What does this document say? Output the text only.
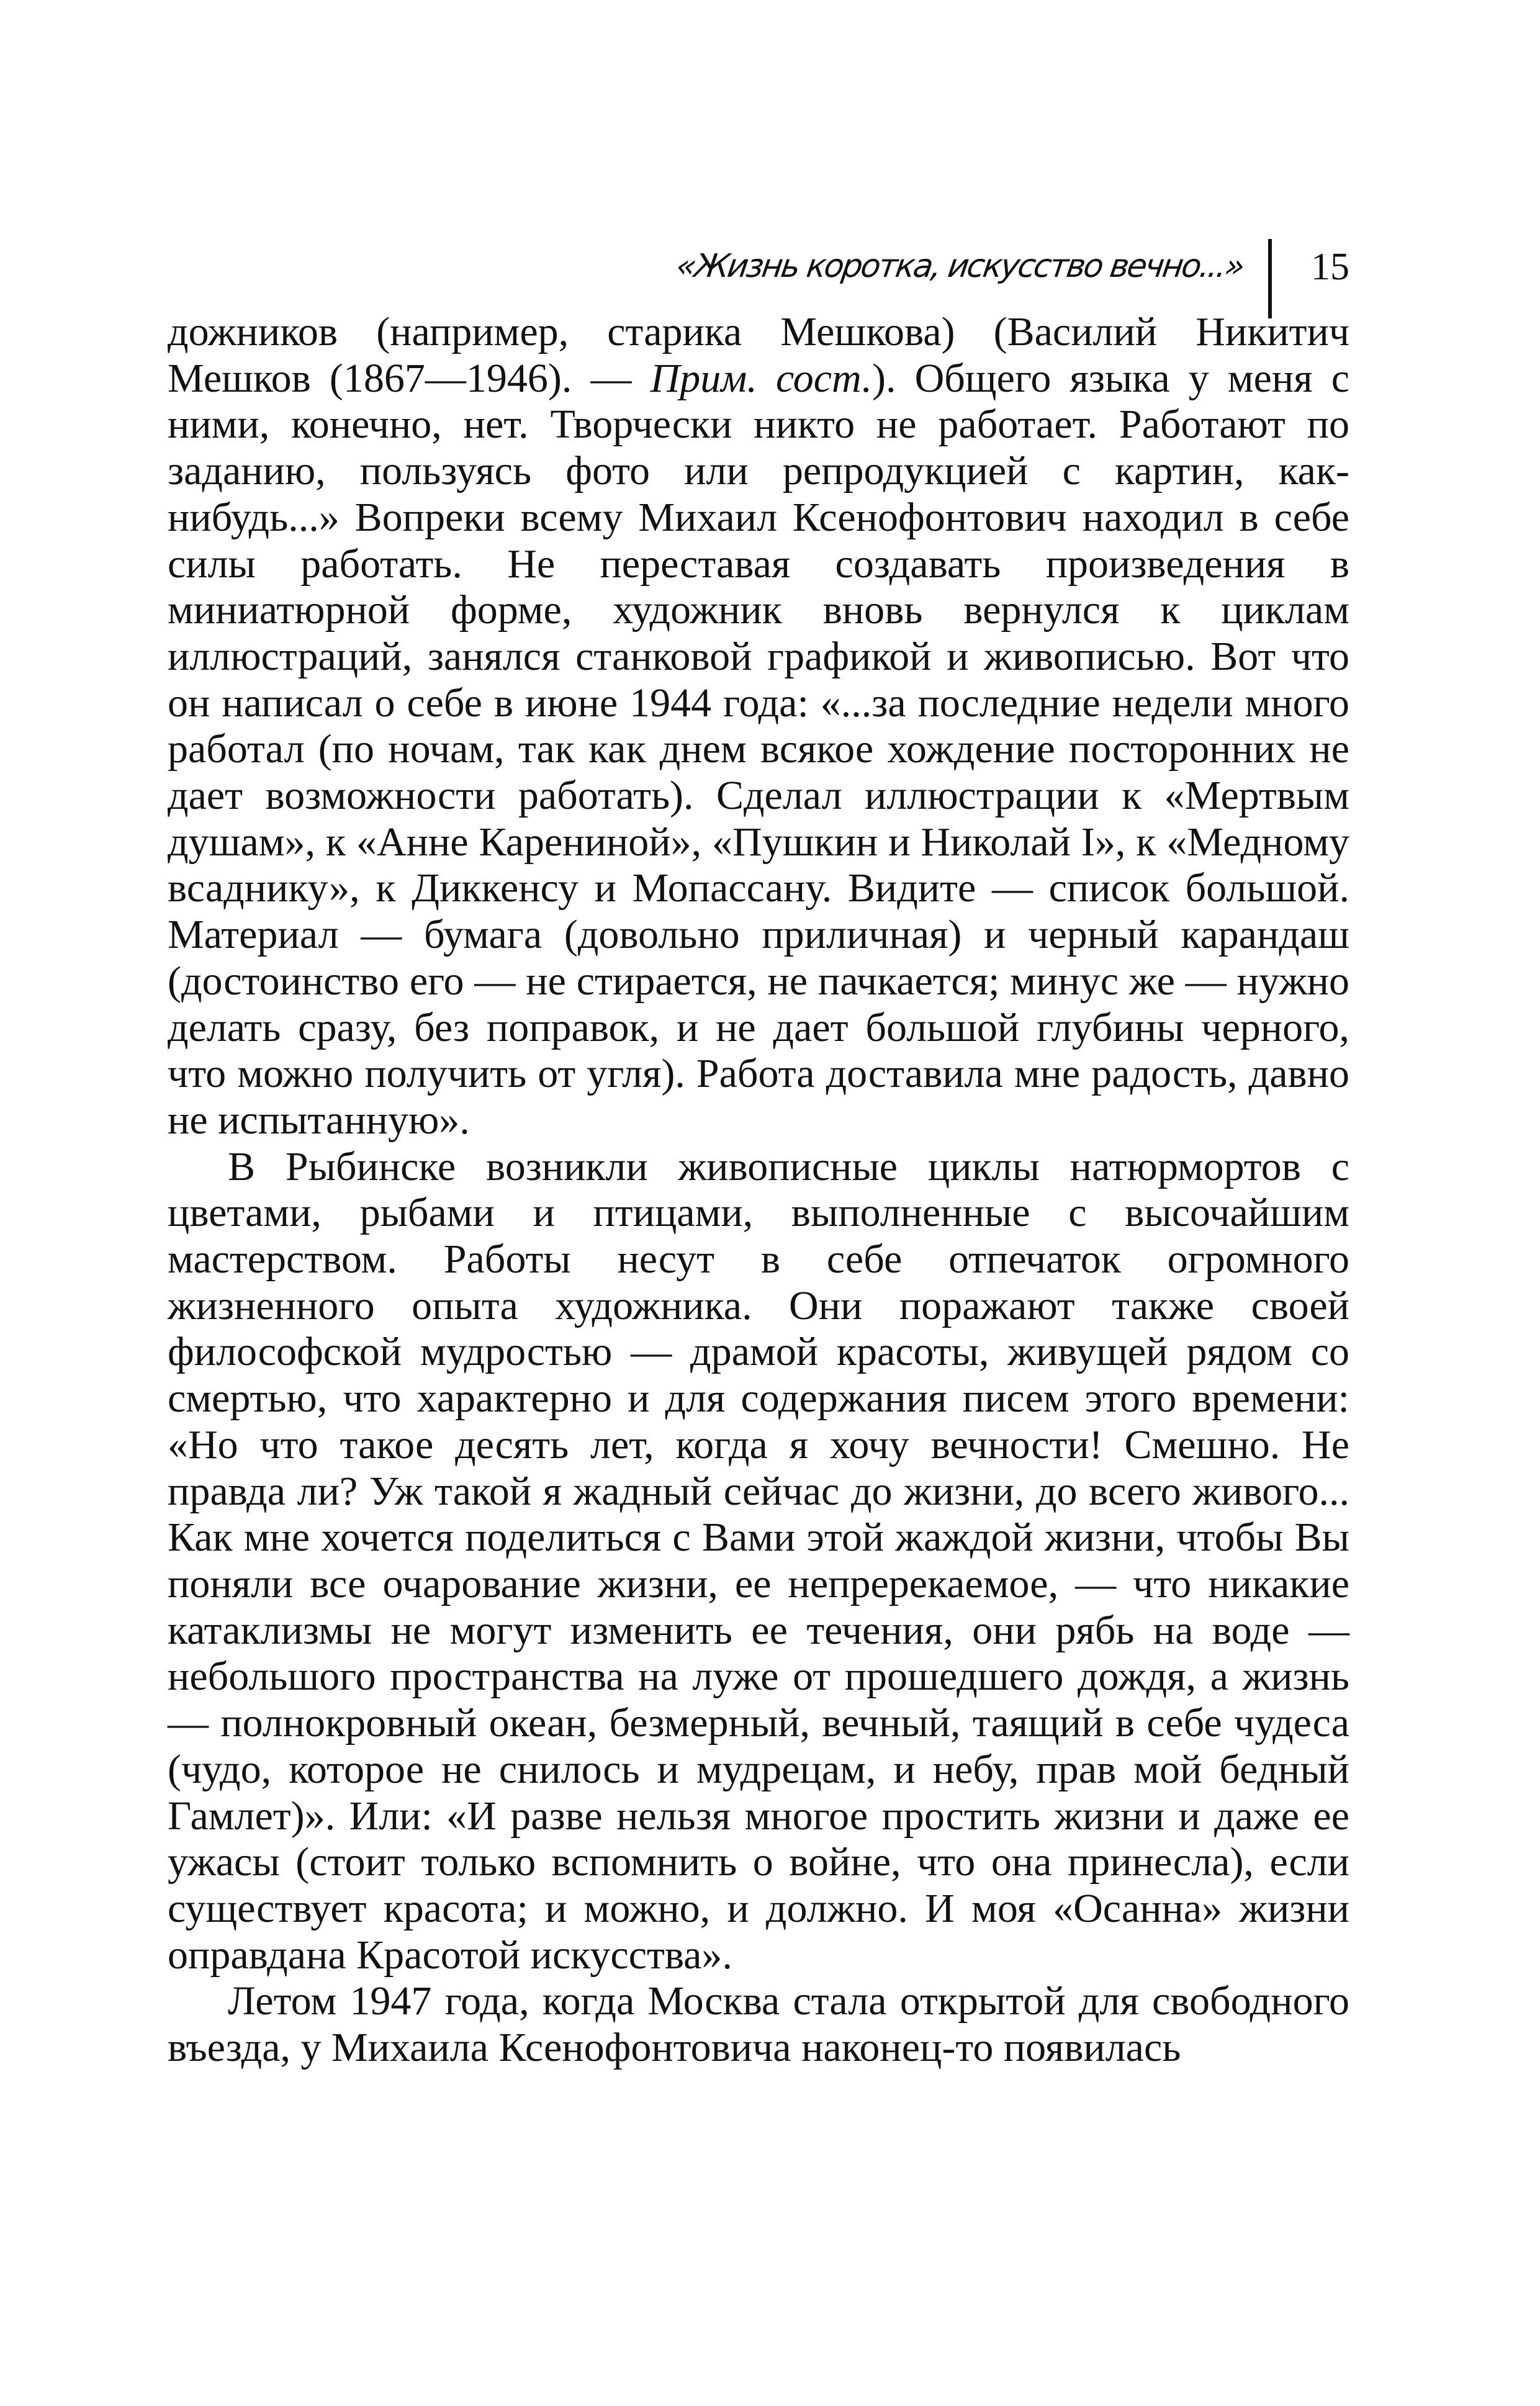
«Жизнь коротка, искусство вечно...» 15

дожников (например, старика Мешкова) (Василий Никитич Мешков (1867—1946). — Прим. сост.). Общего языка у меня с ними, конечно, нет. Творчески никто не работает. Работают по заданию, пользуясь фото или репродукцией с картин, как-нибудь...» Вопреки всему Михаил Ксенофонтович находил в себе силы работать. Не переставая создавать произведения в миниатюрной форме, художник вновь вернулся к циклам иллюстраций, занялся станковой графикой и живописью. Вот что он написал о себе в июне 1944 года: «...за последние недели много работал (по ночам, так как днем всякое хождение посторонних не дает возможности работать). Сделал иллюстрации к «Мертвым душам», к «Анне Карениной», «Пушкин и Николай I», к «Медному всаднику», к Диккенсу и Мопассану. Видите — список большой. Материал — бумага (довольно приличная) и черный карандаш (достоинство его — не стирается, не пачкается; минус же — нужно делать сразу, без поправок, и не дает большой глубины черного, что можно получить от угля). Работа доставила мне радость, давно не испытанную».

В Рыбинске возникли живописные циклы натюрмортов с цветами, рыбами и птицами, выполненные с высочайшим мастерством. Работы несут в себе отпечаток огромного жизненного опыта художника. Они поражают также своей философской мудростью — драмой красоты, живущей рядом со смертью, что характерно и для содержания писем этого времени: «Но что такое десять лет, когда я хочу вечности! Смешно. Не правда ли? Уж такой я жадный сейчас до жизни, до всего живого... Как мне хочется поделиться с Вами этой жаждой жизни, чтобы Вы поняли все очарование жизни, ее непререкаемое, — что никакие катаклизмы не могут изменить ее течения, они рябь на воде — небольшого пространства на луже от прошедшего дождя, а жизнь — полнокровный океан, безмерный, вечный, таящий в себе чудеса (чудо, которое не снилось и мудрецам, и небу, прав мой бедный Гамлет)». Или: «И разве нельзя многое простить жизни и даже ее ужасы (стоит только вспомнить о войне, что она принесла), если существует красота; и можно, и должно. И моя «Осанна» жизни оправдана Красотой искусства».

Летом 1947 года, когда Москва стала открытой для свободного въезда, у Михаила Ксенофонтовича наконец-то появилась
